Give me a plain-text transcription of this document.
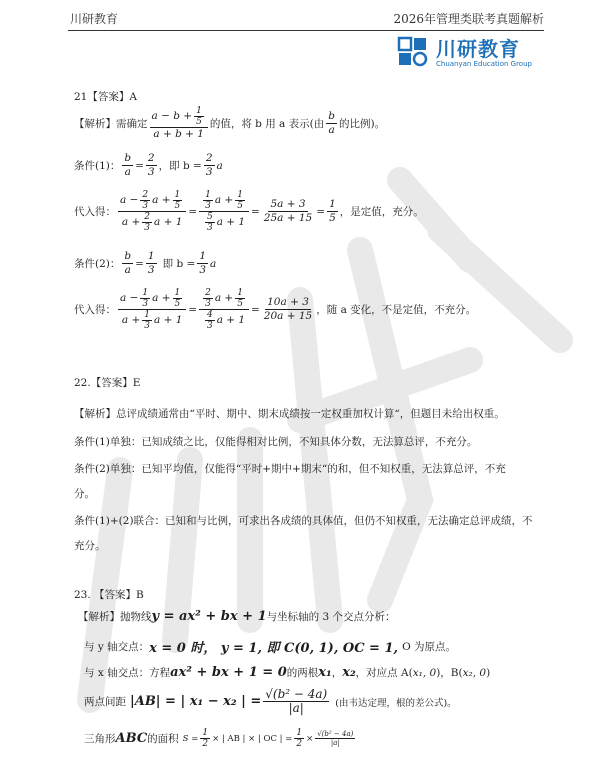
川研教育	2026年管理类联考真题解析
川研教育
Chuanyan Education Group
21【答案】A
【解析】需确定 $\frac{a - b + \frac{1}{5}}{a + b + 1}$ 的值，将 b 用 a 表示(由 $\frac{b}{a}$ 的比例)。
条件(1)： $\frac{b}{a} = \frac{2}{3}$ ，即 $b = \frac{2}{3}$ a
代入得： $\frac{a - \frac{2}{3} a + \frac{1}{5}}{a + \frac{2}{3} a + 1} = \frac{\frac{1}{3} a + \frac{1}{5}}{\frac{5}{3} a + 1} = \frac{5a + 3}{25a + 15} = \frac{1}{5}$ ，是定值，充分。
条件(2)： $\frac{b}{a} = \frac{1}{3}$ 即 $b = \frac{1}{3}$ a
代入得： $\frac{a - \frac{1}{3} a + \frac{1}{5}}{a + \frac{1}{3} a + 1} = \frac{\frac{2}{3} a + \frac{1}{5}}{\frac{4}{3} a + 1} = \frac{10a + 3}{20a + 15}$ ，随 a 变化，不是定值，不充分。
22.【答案】E
【解析】总评成绩通常由“平时、期中、期末成绩按一定权重加权计算“，但题目未给出权重。
条件(1)单独：已知成绩之比，仅能得相对比例，不知具体分数，无法算总评，不充分。
条件(2)单独：已知平均值，仅能得“平时+期中+期末“的和，但不知权重，无法算总评，不充
分。
条件(1)+(2)联合：已知和与比例，可求出各成绩的具体值，但仍不知权重，无法确定总评成绩，不
充分。
23. 【答案】B
【解析】抛物线 y = ax² + bx + 1 与坐标轴的 3 个交点分析：
与 y 轴交点： x = 0 时， y = 1, 即 C(0, 1), OC = 1, O 为原点。
与 x 轴交点：方程 ax² + bx + 1 = 0 的两根 x₁ ， x₂ ，对应点 A( x₁, 0 )，B( x₂, 0 )
两点间距 |AB| = | x₁ − x₂ | = $\frac{\text{√(b² − 4a)}}{|a|}$ (由韦达定理，根的差公式)。
三角形 ABC 的面积 $S = \frac{1}{2}$ × | AB | × | OC | = $\frac{1}{2} \times \frac{\text{√(b² − 4a)}}{|a|}$
